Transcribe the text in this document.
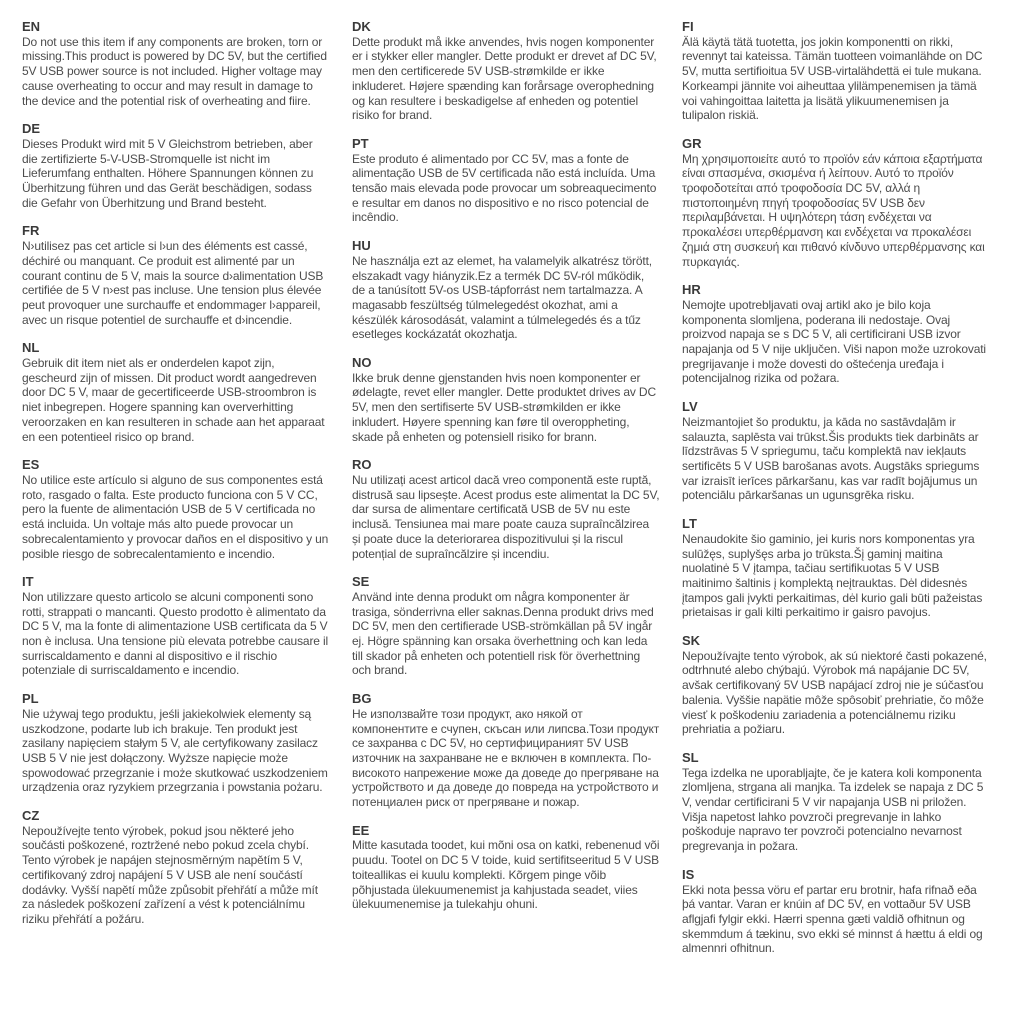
EN

Do not use this item if any components are broken, torn or missing.This product is powered by DC 5V, but the certified 5V USB power source is not included. Higher voltage may cause overheating to occur and may result in damage to the device and the potential risk of overheating and fiire.

DE

Dieses Produkt wird mit 5 V Gleichstrom betrieben, aber die zertifizierte 5-V-USB-Stromquelle ist nicht im Lieferumfang enthalten. Höhere Spannungen können zu Überhitzung führen und das Gerät beschädigen, sodass die Gefahr von Überhitzung und Brand besteht.

FR

N›utilisez pas cet article si l›un des éléments est cassé, déchiré ou manquant. Ce produit est alimenté par un courant continu de 5 V, mais la source d›alimentation USB certifiée de 5 V n›est pas incluse. Une tension plus élevée peut provoquer une surchauffe et endommager l›appareil, avec un risque potentiel de surchauffe et d›incendie.

NL

Gebruik dit item niet als er onderdelen kapot zijn, gescheurd zijn of missen. Dit product wordt aangedreven door DC 5 V, maar de gecertificeerde USB-stroombron is niet inbegrepen. Hogere spanning kan oververhitting veroorzaken en kan resulteren in schade aan het apparaat en een potentieel risico op brand.

ES

No utilice este artículo si alguno de sus componentes está roto, rasgado o falta. Este producto funciona con 5 V CC, pero la fuente de alimentación USB de 5 V certificada no está incluida. Un voltaje más alto puede provocar un sobrecalentamiento y provocar daños en el dispositivo y un posible riesgo de sobrecalentamiento e incendio.

IT

Non utilizzare questo articolo se alcuni componenti sono rotti, strappati o mancanti. Questo prodotto è alimentato da DC 5 V, ma la fonte di alimentazione USB certificata da 5 V non è inclusa. Una tensione più elevata potrebbe causare il surriscaldamento e danni al dispositivo e il rischio potenziale di surriscaldamento e incendio.

PL

Nie używaj tego produktu, jeśli jakiekolwiek elementy są uszkodzone, podarte lub ich brakuje. Ten produkt jest zasilany napięciem stałym 5 V, ale certyfikowany zasilacz USB 5 V nie jest dołączony. Wyższe napięcie może spowodować przegrzanie i może skutkować uszkodzeniem urządzenia oraz ryzykiem przegrzania i powstania pożaru.

CZ

Nepoužívejte tento výrobek, pokud jsou některé jeho součásti poškozené, roztržené nebo pokud zcela chybí. Tento výrobek je napájen stejnosměrným napětím 5 V, certifikovaný zdroj napájení 5 V USB ale není součástí dodávky. Vyšší napětí může způsobit přehřátí a může mít za následek poškození zařízení a vést k potenciálnímu riziku přehřátí a požáru.

DK

Dette produkt må ikke anvendes, hvis nogen komponenter er i stykker eller mangler. Dette produkt er drevet af DC 5V, men den certificerede 5V USB-strømkilde er ikke inkluderet. Højere spænding kan forårsage overophedning og kan resultere i beskadigelse af enheden og potentiel risiko for brand.

PT

Este produto é alimentado por CC 5V, mas a fonte de alimentação USB de 5V certificada não está incluída. Uma tensão mais elevada pode provocar um sobreaquecimento e resultar em danos no dispositivo e no risco potencial de incêndio.

HU

Ne használja ezt az elemet, ha valamelyik alkatrész törött, elszakadt vagy hiányzik.Ez a termék DC 5V-ról működik, de a tanúsított 5V-os USB-tápforrást nem tartalmazza. A magasabb feszültség túlmelegedést okozhat, ami a készülék károsodását, valamint a túlmelegedés és a tűz esetleges kockázatát okozhatja.

NO

Ikke bruk denne gjenstanden hvis noen komponenter er ødelagte, revet eller mangler. Dette produktet drives av DC 5V, men den sertifiserte 5V USB-strømkilden er ikke inkludert. Høyere spenning kan føre til overoppheting, skade på enheten og potensiell risiko for brann.

RO

Nu utilizați acest articol dacă vreo componentă este ruptă, distrusă sau lipsește. Acest produs este alimentat la DC 5V, dar sursa de alimentare certificată USB de 5V nu este inclusă. Tensiunea mai mare poate cauza supraîncălzirea și poate duce la deteriorarea dispozitivului și la riscul potențial de supraîncălzire și incendiu.

SE

Använd inte denna produkt om några komponenter är trasiga, sönderrivna eller saknas.Denna produkt drivs med DC 5V, men den certifierade USB-strömkällan på 5V ingår ej. Högre spänning kan orsaka överhettning och kan leda till skador på enheten och potentiell risk för överhettning och brand.

BG

Не използвайте този продукт, ако някой от компонентите е счупен, скъсан или липсва.Този продукт се захранва с DC 5V, но сертифицираният 5V USB източник на захранване не е включен в комплекта. По-високото напрежение може да доведе до прегряване на устройството и да доведе до повреда на устройството и потенциален риск от прегряване и пожар.

EE

Mitte kasutada toodet, kui mõni osa on katki, rebenenud või puudu. Tootel on DC 5 V toide, kuid sertifitseeritud 5 V USB toiteallikas ei kuulu komplekti. Kõrgem pinge võib põhjustada ülekuumenemist ja kahjustada seadet, viies ülekuumenemise ja tulekahju ohuni.

FI

Älä käytä tätä tuotetta, jos jokin komponentti on rikki, revennyt tai kateissa. Tämän tuotteen voimanlähde on DC 5V, mutta sertifioitua 5V USB-virtalähdettä ei tule mukana. Korkeampi jännite voi aiheuttaa ylilämpenemisen ja tämä voi vahingoittaa laitetta ja lisätä ylikuumenemisen ja tulipalon riskiä.

GR

Μη χρησιμοποιείτε αυτό το προϊόν εάν κάποια εξαρτήματα είναι σπασμένα, σκισμένα ή λείπουν. Αυτό το προϊόν τροφοδοτείται από τροφοδοσία DC 5V, αλλά η πιστοποιημένη πηγή τροφοδοσίας 5V USB δεν περιλαμβάνεται. Η υψηλότερη τάση ενδέχεται να προκαλέσει υπερθέρμανση και ενδέχεται να προκαλέσει ζημιά στη συσκευή και πιθανό κίνδυνο υπερθέρμανσης και πυρκαγιάς.

HR

Nemojte upotrebljavati ovaj artikl ako je bilo koja komponenta slomljena, poderana ili nedostaje. Ovaj proizvod napaja se s DC 5 V, ali certificirani USB izvor napajanja od 5 V nije uključen. Viši napon može uzrokovati pregrijavanje i može dovesti do oštećenja uređaja i potencijalnog rizika od požara.

LV

Neizmantojiet šo produktu, ja kāda no sastāvdaļām ir salauzta, saplēsta vai trūkst.Šis produkts tiek darbināts ar līdzstrāvas 5 V spriegumu, taču komplektā nav iekļauts sertificēts 5 V USB barošanas avots. Augstāks spriegums var izraisīt ierīces pārkaršanu, kas var radīt bojājumus un potenciālu pārkaršanas un ugunsgrēka risku.

LT

Nenaudokite šio gaminio, jei kuris nors komponentas yra sulūžęs, suplyšęs arba jo trūksta.Šį gaminį maitina nuolatinė 5 V įtampa, tačiau sertifikuotas 5 V USB maitinimo šaltinis į komplektą neįtrauktas. Dėl didesnės įtampos gali įvykti perkaitimas, dėl kurio gali būti pažeistas prietaisas ir gali kilti perkaitimo ir gaisro pavojus.

SK

Nepoužívajte tento výrobok, ak sú niektoré časti pokazené, odtrhnuté alebo chýbajú. Výrobok má napájanie DC 5V, avšak certifikovaný 5V USB napájací zdroj nie je súčasťou balenia. Vyššie napätie môže spôsobiť prehriatie, čo môže viesť k poškodeniu zariadenia a potenciálnemu riziku prehriatia a požiaru.

SL

Tega izdelka ne uporabljajte, če je katera koli komponenta zlomljena, strgana ali manjka. Ta izdelek se napaja z DC 5 V, vendar certificirani 5 V vir napajanja USB ni priložen. Višja napetost lahko povzroči pregrevanje in lahko poškoduje napravo ter povzroči potencialno nevarnost pregrevanja in požara.

IS

Ekki nota þessa vöru ef partar eru brotnir, hafa rifnað eða þá vantar. Varan er knúin af DC 5V, en vottaður 5V USB aflgjafi fylgir ekki. Hærri spenna gæti valdið ofhitnun og skemmdum á tækinu, svo ekki sé minnst á hættu á eldi og almennri ofhitnun.
